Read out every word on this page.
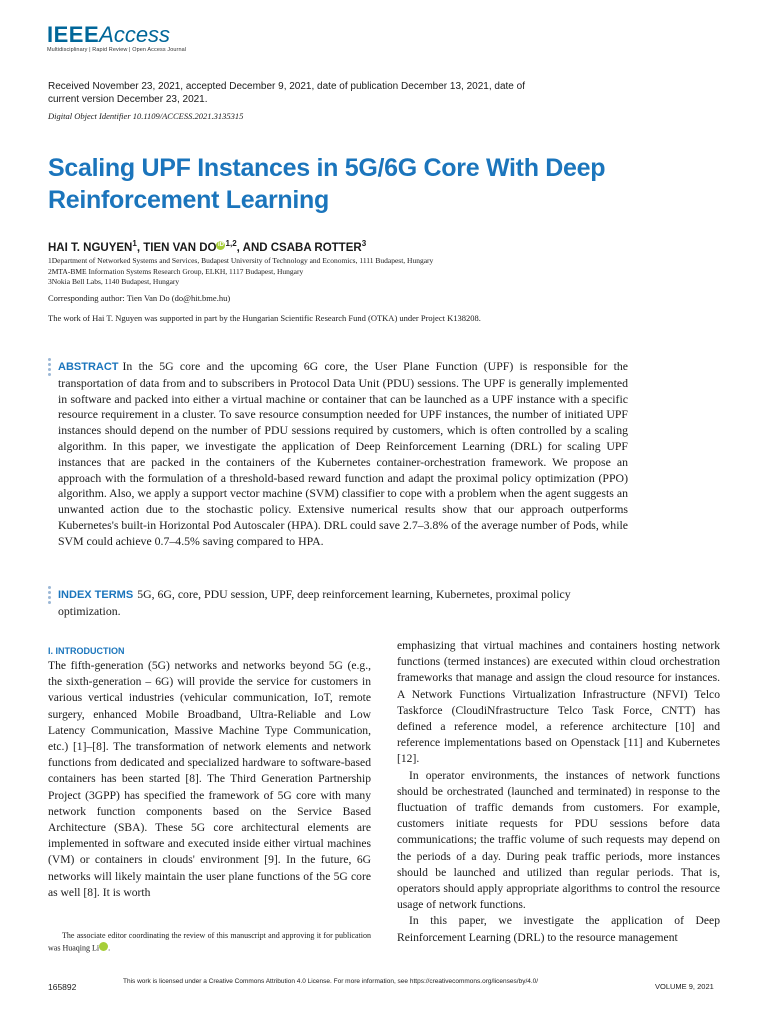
IEEEAccess
Multidisciplinary | Rapid Review | Open Access Journal
Received November 23, 2021, accepted December 9, 2021, date of publication December 13, 2021, date of current version December 23, 2021.
Digital Object Identifier 10.1109/ACCESS.2021.3135315
Scaling UPF Instances in 5G/6G Core With Deep Reinforcement Learning
HAI T. NGUYEN$^1$, TIEN VAN DO iD $^{1,2}$, AND CSABA ROTTER$^3$
1Department of Networked Systems and Services, Budapest University of Technology and Economics, 1111 Budapest, Hungary
2MTA-BME Information Systems Research Group, ELKH, 1117 Budapest, Hungary
3Nokia Bell Labs, 1140 Budapest, Hungary
Corresponding author: Tien Van Do (do@hit.bme.hu)
The work of Hai T. Nguyen was supported in part by the Hungarian Scientific Research Fund (OTKA) under Project K138208.
ABSTRACT In the 5G core and the upcoming 6G core, the User Plane Function (UPF) is responsible for the transportation of data from and to subscribers in Protocol Data Unit (PDU) sessions. The UPF is generally implemented in software and packed into either a virtual machine or container that can be launched as a UPF instance with a specific resource requirement in a cluster. To save resource consumption needed for UPF instances, the number of initiated UPF instances should depend on the number of PDU sessions required by customers, which is often controlled by a scaling algorithm. In this paper, we investigate the application of Deep Reinforcement Learning (DRL) for scaling UPF instances that are packed in the containers of the Kubernetes container-orchestration framework. We propose an approach with the formulation of a threshold-based reward function and adapt the proximal policy optimization (PPO) algorithm. Also, we apply a support vector machine (SVM) classifier to cope with a problem when the agent suggests an unwanted action due to the stochastic policy. Extensive numerical results show that our approach outperforms Kubernetes's built-in Horizontal Pod Autoscaler (HPA). DRL could save 2.7–3.8% of the average number of Pods, while SVM could achieve 0.7–4.5% saving compared to HPA.
INDEX TERMS 5G, 6G, core, PDU session, UPF, deep reinforcement learning, Kubernetes, proximal policy optimization.
I. INTRODUCTION
The fifth-generation (5G) networks and networks beyond 5G (e.g., the sixth-generation – 6G) will provide the service for customers in various vertical industries (vehicular communication, IoT, remote surgery, enhanced Mobile Broadband, Ultra-Reliable and Low Latency Communication, Massive Machine Type Communication, etc.) [1]–[8]. The transformation of network elements and network functions from dedicated and specialized hardware to software-based containers has been started [8]. The Third Generation Partnership Project (3GPP) has specified the framework of 5G core with many network function components based on the Service Based Architecture (SBA). These 5G core architectural elements are implemented in software and executed inside either virtual machines (VM) or containers in clouds' environment [9]. In the future, 6G networks will likely maintain the user plane functions of the 5G core as well [8]. It is worth

emphasizing that virtual machines and containers hosting network functions (termed instances) are executed within cloud orchestration frameworks that manage and assign the cloud resource for instances. A Network Functions Virtualization Infrastructure (NFVI) Telco Taskforce (CloudiNfrastructure Telco Task Force, CNTT) has defined a reference model, a reference architecture [10] and reference implementations based on Openstack [11] and Kubernetes [12].

In operator environments, the instances of network functions should be orchestrated (launched and terminated) in response to the fluctuation of traffic demands from customers. For example, customers initiate requests for PDU sessions before data communications; the traffic volume of such requests may depend on the periods of a day. During peak traffic periods, more instances should be launched and utilized than regular periods. That is, operators should apply appropriate algorithms to control the resource usage of network functions.

In this paper, we investigate the application of Deep Reinforcement Learning (DRL) to the resource management

The associate editor coordinating the review of this manuscript and approving it for publication was Huaqing Li iD.

165892
This work is licensed under a Creative Commons Attribution 4.0 License. For more information, see https://creativecommons.org/licenses/by/4.0/
VOLUME 9, 2021
